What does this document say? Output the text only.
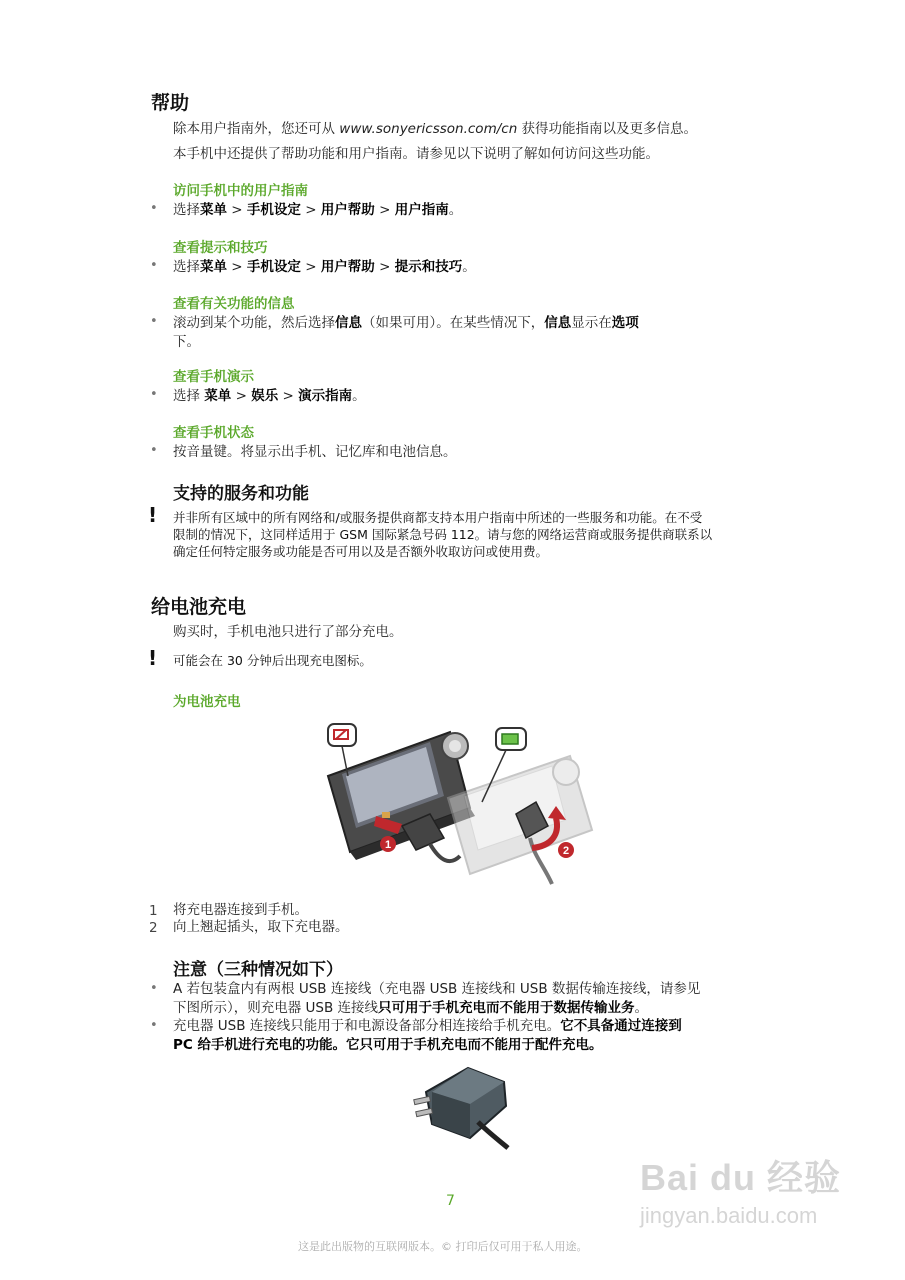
帮助
除本用户指南外，您还可从 www.sonyericsson.com/cn 获得功能指南以及更多信息。
本手机中还提供了帮助功能和用户指南。请参见以下说明了解如何访问这些功能。
访问手机中的用户指南
• 选择菜单 > 手机设定 > 用户帮助 > 用户指南。
查看提示和技巧
• 选择菜单 > 手机设定 > 用户帮助 > 提示和技巧。
查看有关功能的信息
• 滚动到某个功能，然后选择信息（如果可用）。在某些情况下，信息显示在选项
下。
查看手机演示
• 选择 菜单 > 娱乐 > 演示指南。
查看手机状态
• 按音量键。将显示出手机、记忆库和电池信息。
支持的服务和功能
! 并非所有区域中的所有网络和/或服务提供商都支持本用户指南中所述的一些服务和功能。在不受
限制的情况下，这同样适用于 GSM 国际紧急号码 112。请与您的网络运营商或服务提供商联系以
确定任何特定服务或功能是否可用以及是否额外收取访问或使用费。
给电池充电
购买时，手机电池只进行了部分充电。
! 可能会在 30 分钟后出现充电图标。
为电池充电
1	2
1 将充电器连接到手机。
2 向上翘起插头，取下充电器。
注意（三种情况如下）
• A 若包装盒内有两根 USB 连接线（充电器 USB 连接线和 USB 数据传输连接线，请参见
下图所示），则充电器 USB 连接线只可用于手机充电而不能用于数据传输业务。
• 充电器 USB 连接线只能用于和电源设备部分相连接给手机充电。它不具备通过连接到
PC 给手机进行充电的功能。它只可用于手机充电而不能用于配件充电。
7
这是此出版物的互联网版本。© 打印后仅可用于私人用途。
Bai du 经验
jingyan.baidu.com
